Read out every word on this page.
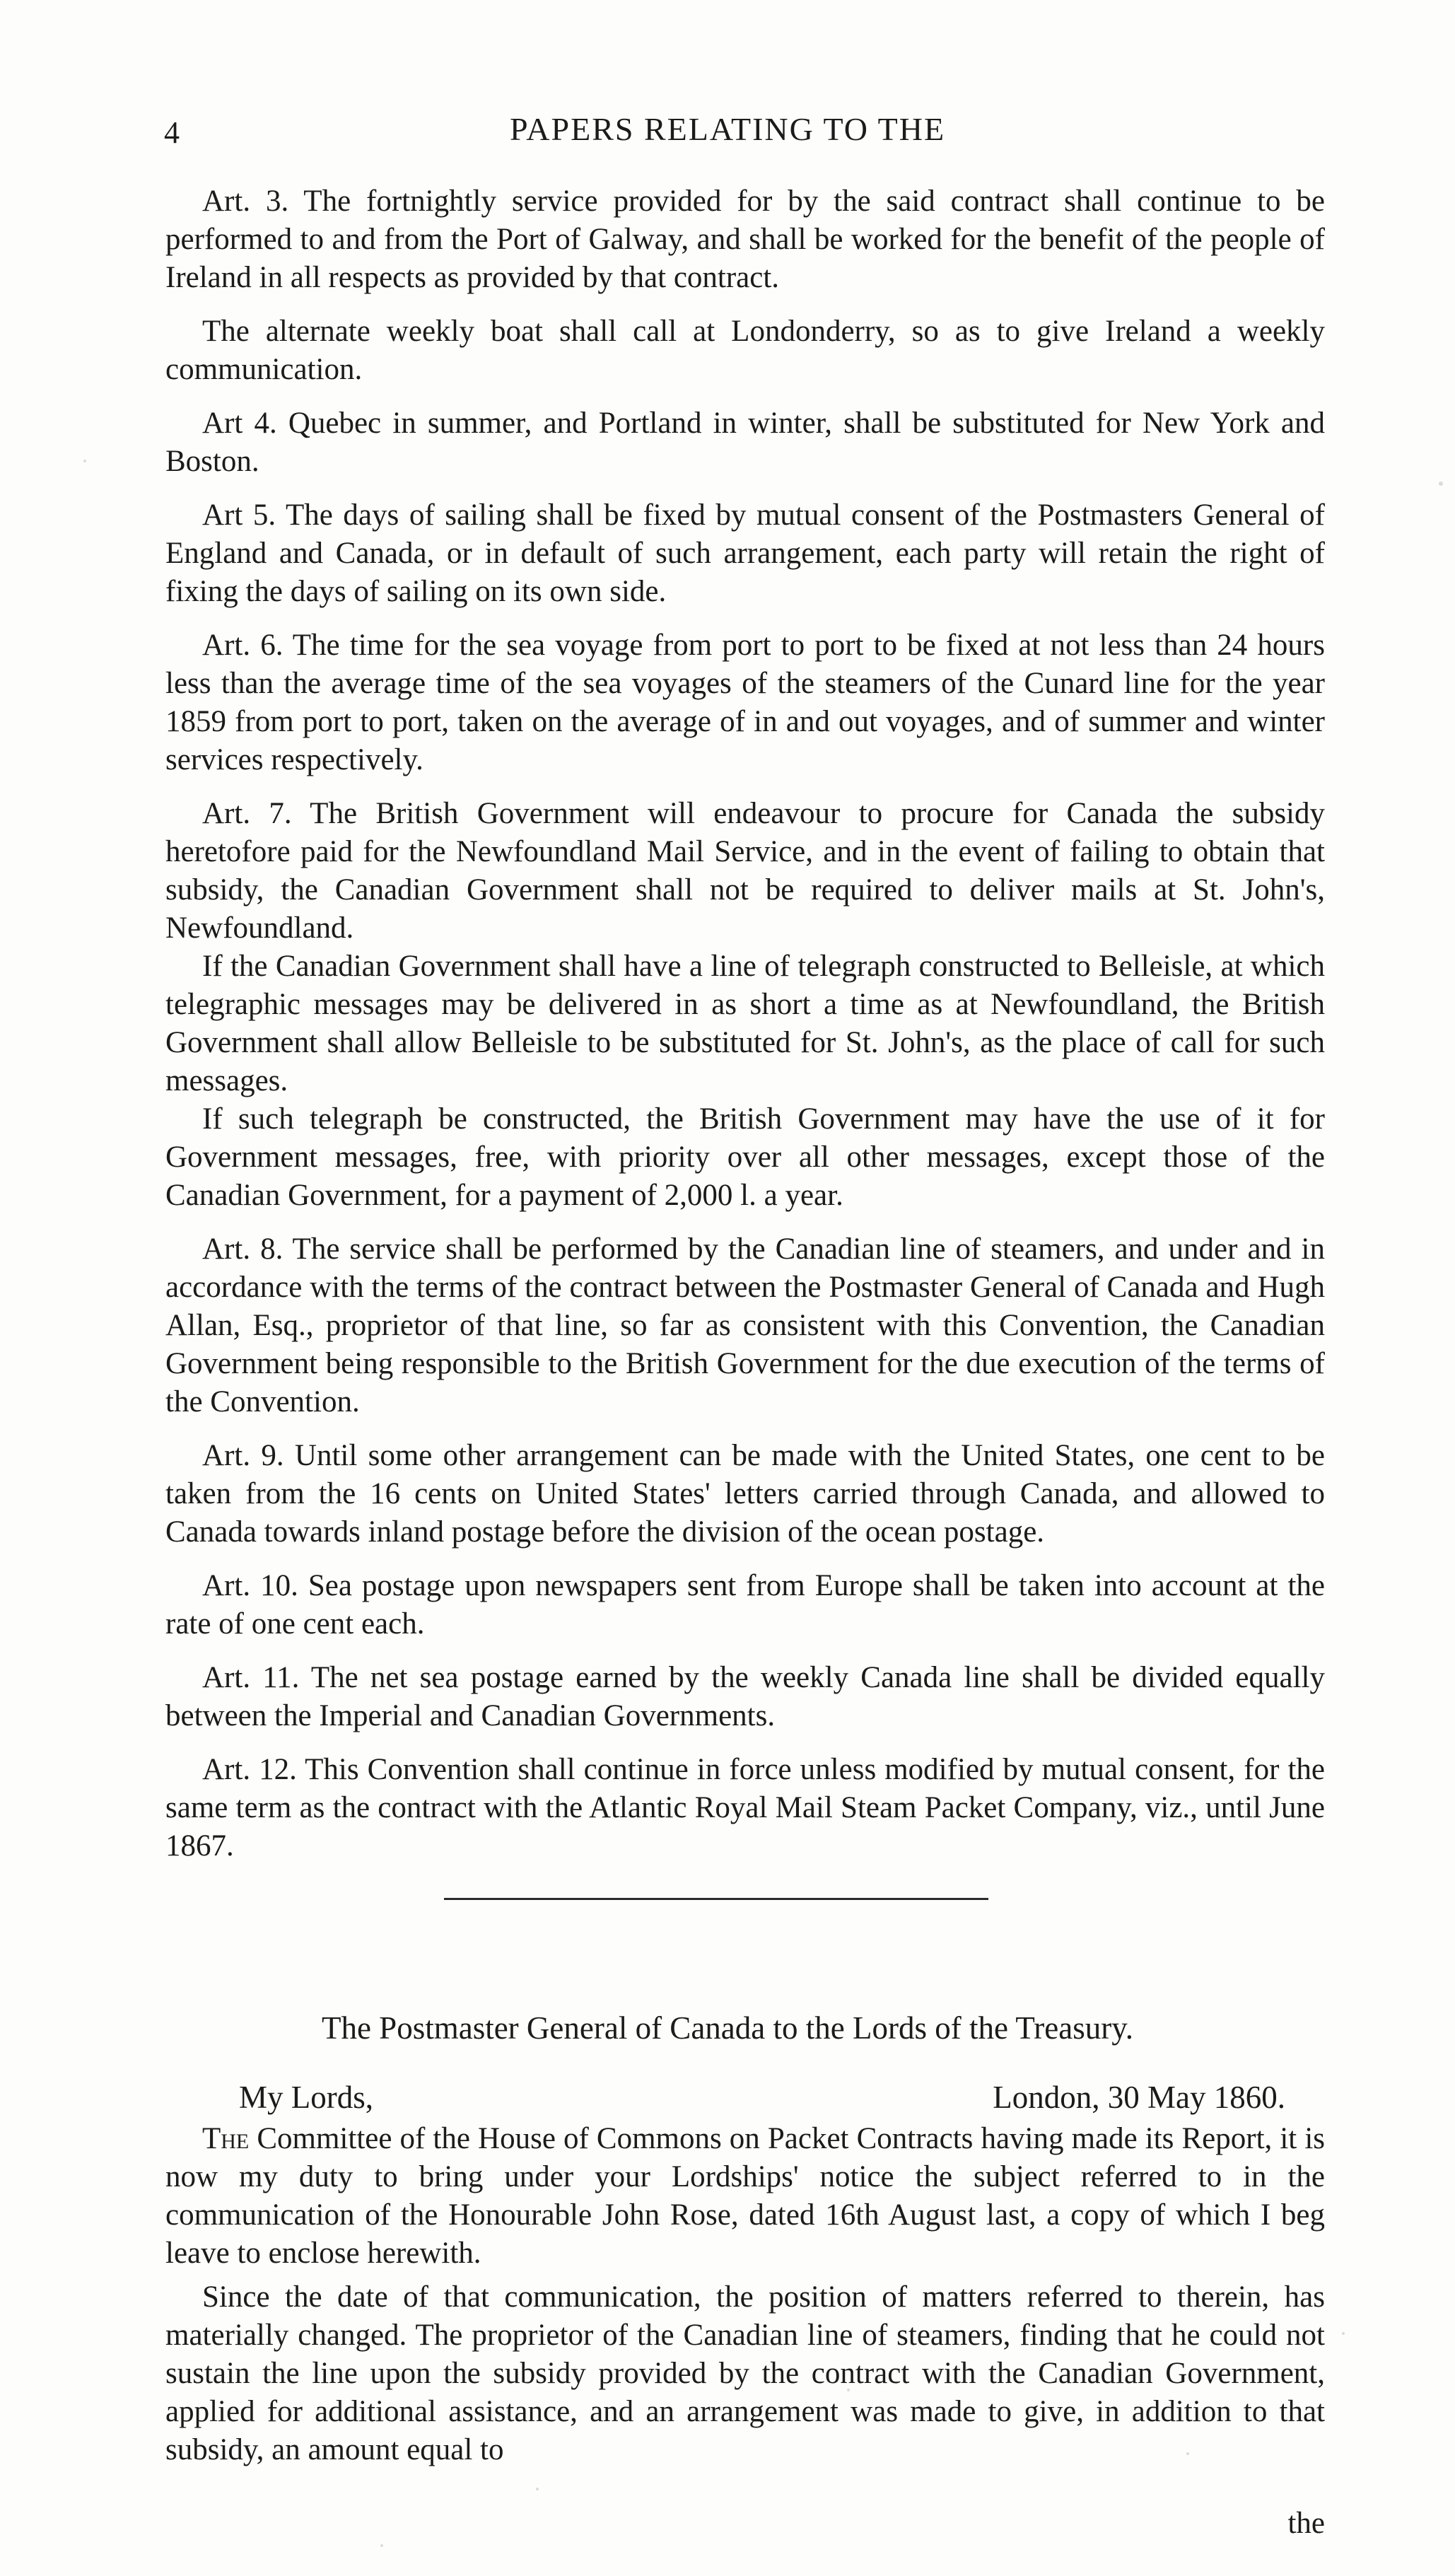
4	PAPERS RELATING TO THE

Art. 3. The fortnightly service provided for by the said contract shall continue to be performed to and from the Port of Galway, and shall be worked for the benefit of the people of Ireland in all respects as provided by that contract.

The alternate weekly boat shall call at Londonderry, so as to give Ireland a weekly communication.

Art 4. Quebec in summer, and Portland in winter, shall be substituted for New York and Boston.

Art 5. The days of sailing shall be fixed by mutual consent of the Postmasters General of England and Canada, or in default of such arrangement, each party will retain the right of fixing the days of sailing on its own side.

Art. 6. The time for the sea voyage from port to port to be fixed at not less than 24 hours less than the average time of the sea voyages of the steamers of the Cunard line for the year 1859 from port to port, taken on the average of in and out voyages, and of summer and winter services respectively.

Art. 7. The British Government will endeavour to procure for Canada the subsidy heretofore paid for the Newfoundland Mail Service, and in the event of failing to obtain that subsidy, the Canadian Government shall not be required to deliver mails at St. John's, Newfoundland.

If the Canadian Government shall have a line of telegraph constructed to Belleisle, at which telegraphic messages may be delivered in as short a time as at Newfoundland, the British Government shall allow Belleisle to be substituted for St. John's, as the place of call for such messages.

If such telegraph be constructed, the British Government may have the use of it for Government messages, free, with priority over all other messages, except those of the Canadian Government, for a payment of 2,000 l. a year.

Art. 8. The service shall be performed by the Canadian line of steamers, and under and in accordance with the terms of the contract between the Postmaster General of Canada and Hugh Allan, Esq., proprietor of that line, so far as consistent with this Convention, the Canadian Government being responsible to the British Government for the due execution of the terms of the Convention.

Art. 9. Until some other arrangement can be made with the United States, one cent to be taken from the 16 cents on United States' letters carried through Canada, and allowed to Canada towards inland postage before the division of the ocean postage.

Art. 10. Sea postage upon newspapers sent from Europe shall be taken into account at the rate of one cent each.

Art. 11. The net sea postage earned by the weekly Canada line shall be divided equally between the Imperial and Canadian Governments.

Art. 12. This Convention shall continue in force unless modified by mutual consent, for the same term as the contract with the Atlantic Royal Mail Steam Packet Company, viz., until June 1867.

The Postmaster General of Canada to the Lords of the Treasury.
My Lords,	London, 30 May 1860.

The Committee of the House of Commons on Packet Contracts having made its Report, it is now my duty to bring under your Lordships' notice the subject referred to in the communication of the Honourable John Rose, dated 16th August last, a copy of which I beg leave to enclose herewith.

Since the date of that communication, the position of matters referred to therein, has materially changed. The proprietor of the Canadian line of steamers, finding that he could not sustain the line upon the subsidy provided by the contract with the Canadian Government, applied for additional assistance, and an arrangement was made to give, in addition to that subsidy, an amount equal to

the
